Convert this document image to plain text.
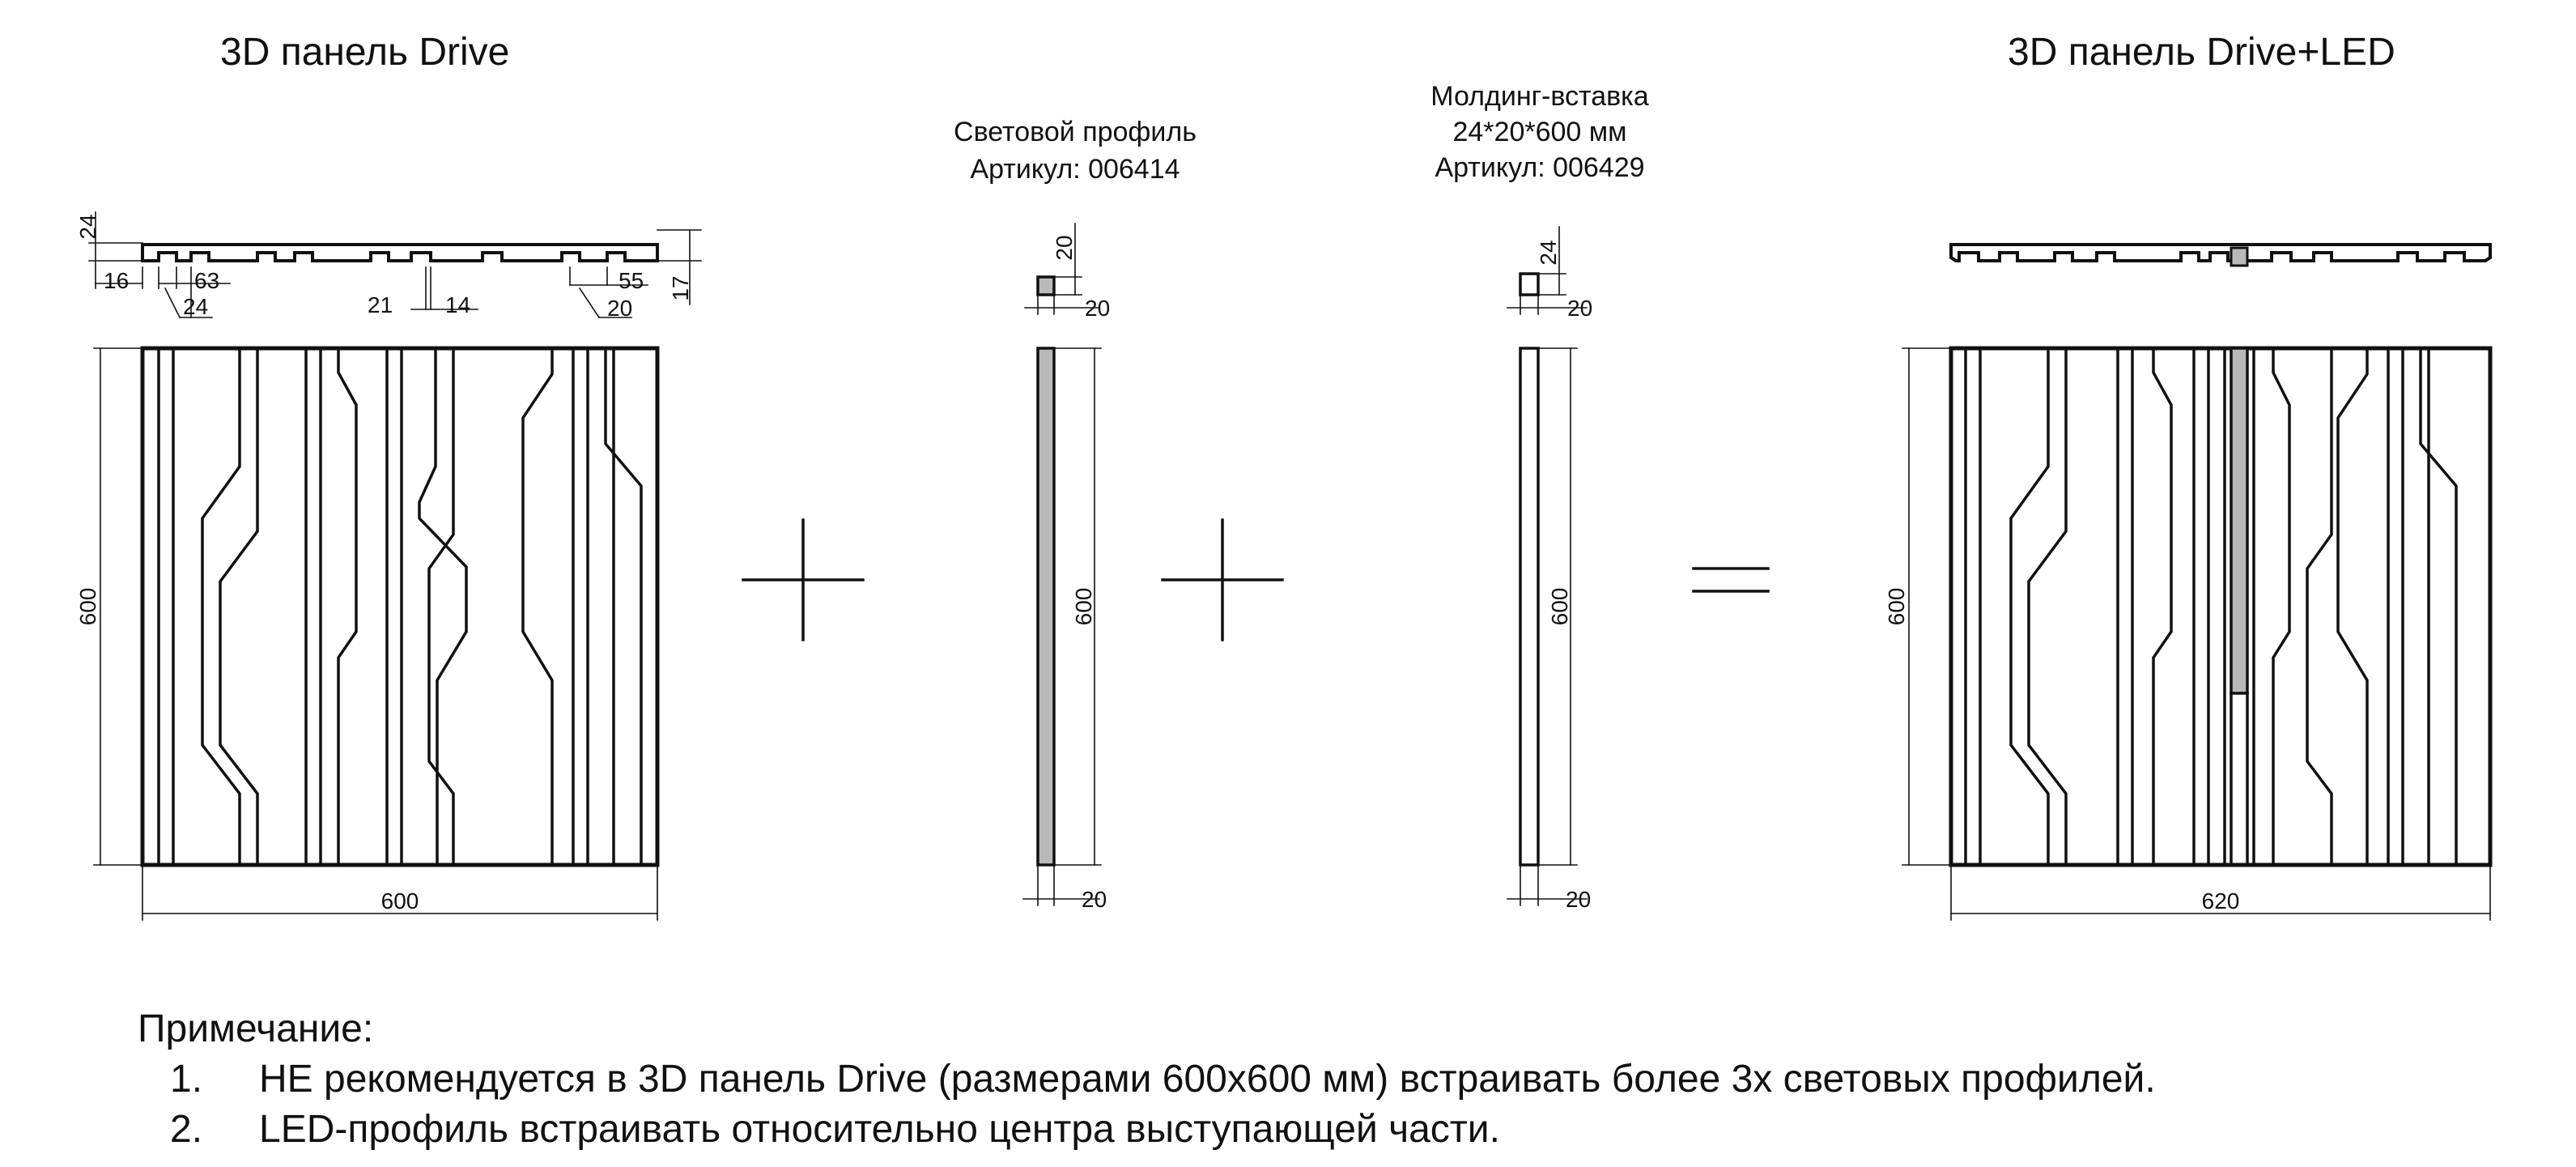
3D панель Drive	3D панель Drive+LED
Световой профиль
Артикул: 006414
Молдинг-вставка
24*20*600 мм
Артикул: 006429
24
17
16	63
24	21 14
55
20
600
600
20
20
600
20
24
20
600
20
600
620
Примечание:
1. НЕ рекомендуется в 3D панель Drive (размерами 600х600 мм) встраивать более 3х световых профилей.
2. LED-профиль встраивать относительно центра выступающей части.
